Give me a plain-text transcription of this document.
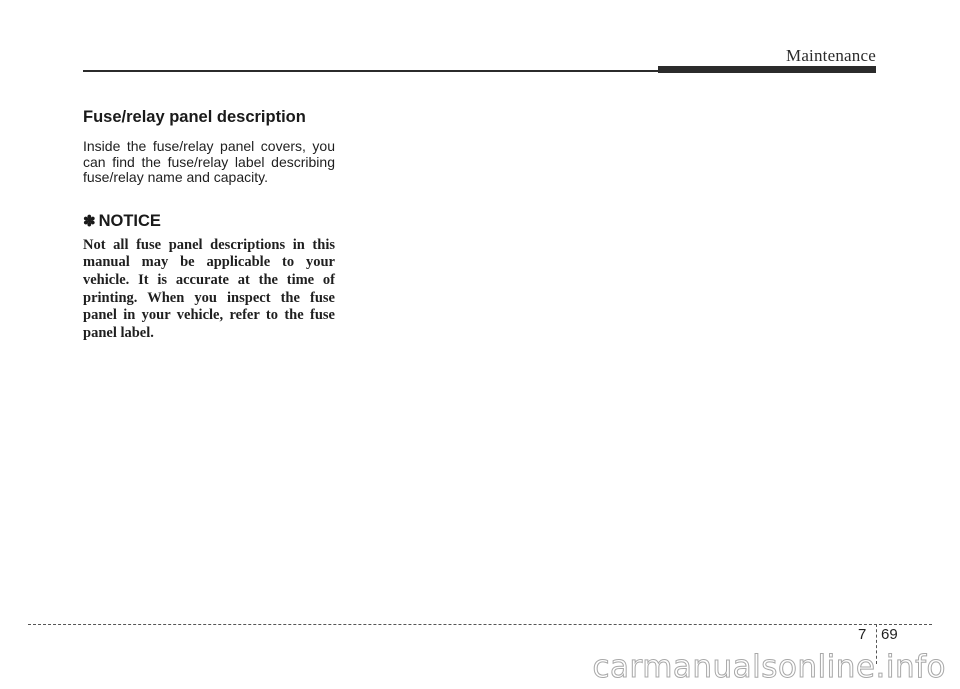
Maintenance
Fuse/relay panel description

Inside the fuse/relay panel covers, you can find the fuse/relay label describing fuse/relay name and capacity.

✽ NOTICE

Not all fuse panel descriptions in this manual may be applicable to your vehicle. It is accurate at the time of printing. When you inspect the fuse panel in your vehicle, refer to the fuse panel label.

7 69
carmanualsonline.info
